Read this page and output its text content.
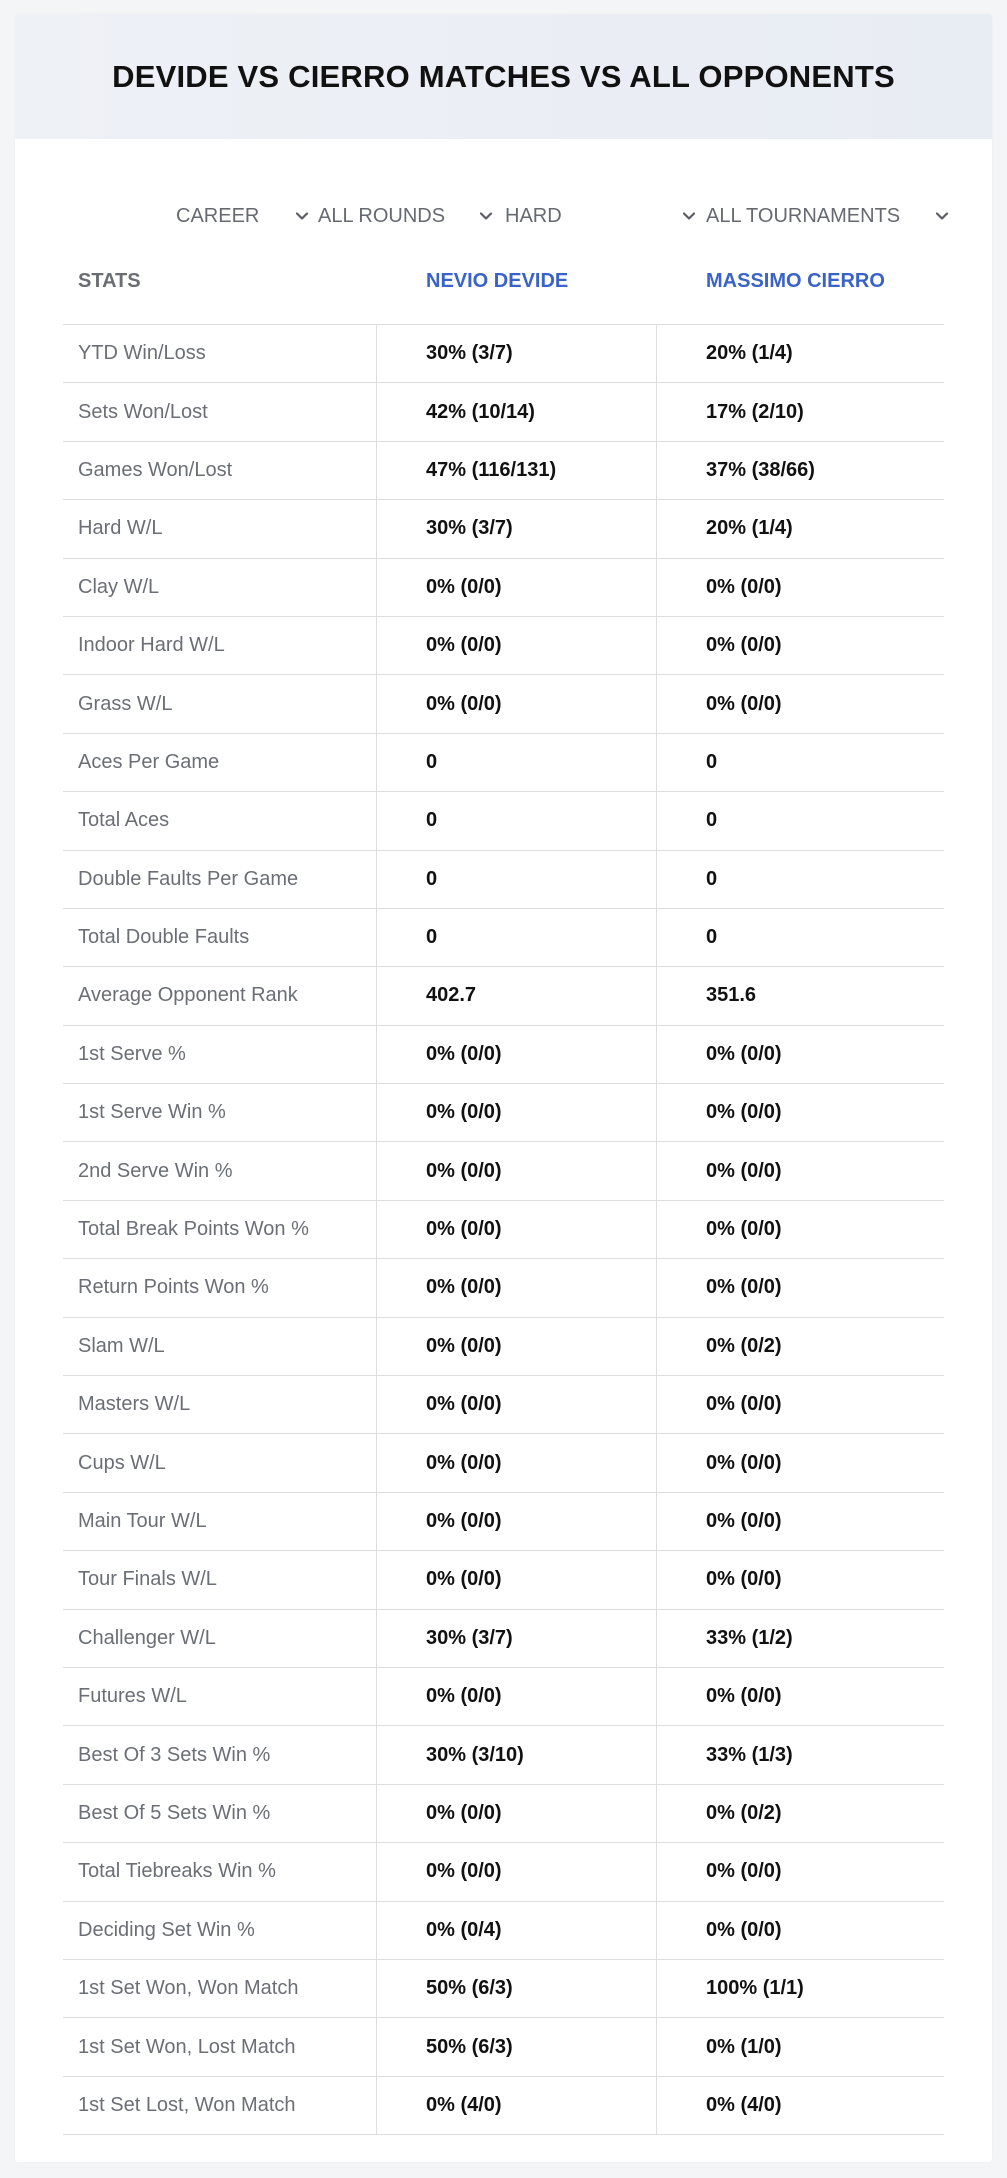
DEVIDE VS CIERRO MATCHES VS ALL OPPONENTS
CAREER	ALL ROUNDS	HARD	ALL TOURNAMENTS
STATS	NEVIO DEVIDE	MASSIMO CIERRO
YTD Win/Loss	30% (3/7)	20% (1/4)
Sets Won/Lost	42% (10/14)	17% (2/10)
Games Won/Lost	47% (116/131)	37% (38/66)
Hard W/L	30% (3/7)	20% (1/4)
Clay W/L	0% (0/0)	0% (0/0)
Indoor Hard W/L	0% (0/0)	0% (0/0)
Grass W/L	0% (0/0)	0% (0/0)
Aces Per Game	0	0
Total Aces	0	0
Double Faults Per Game	0	0
Total Double Faults	0	0
Average Opponent Rank	402.7	351.6
1st Serve %	0% (0/0)	0% (0/0)
1st Serve Win %	0% (0/0)	0% (0/0)
2nd Serve Win %	0% (0/0)	0% (0/0)
Total Break Points Won %	0% (0/0)	0% (0/0)
Return Points Won %	0% (0/0)	0% (0/0)
Slam W/L	0% (0/0)	0% (0/2)
Masters W/L	0% (0/0)	0% (0/0)
Cups W/L	0% (0/0)	0% (0/0)
Main Tour W/L	0% (0/0)	0% (0/0)
Tour Finals W/L	0% (0/0)	0% (0/0)
Challenger W/L	30% (3/7)	33% (1/2)
Futures W/L	0% (0/0)	0% (0/0)
Best Of 3 Sets Win %	30% (3/10)	33% (1/3)
Best Of 5 Sets Win %	0% (0/0)	0% (0/2)
Total Tiebreaks Win %	0% (0/0)	0% (0/0)
Deciding Set Win %	0% (0/4)	0% (0/0)
1st Set Won, Won Match	50% (6/3)	100% (1/1)
1st Set Won, Lost Match	50% (6/3)	0% (1/0)
1st Set Lost, Won Match	0% (4/0)	0% (4/0)
